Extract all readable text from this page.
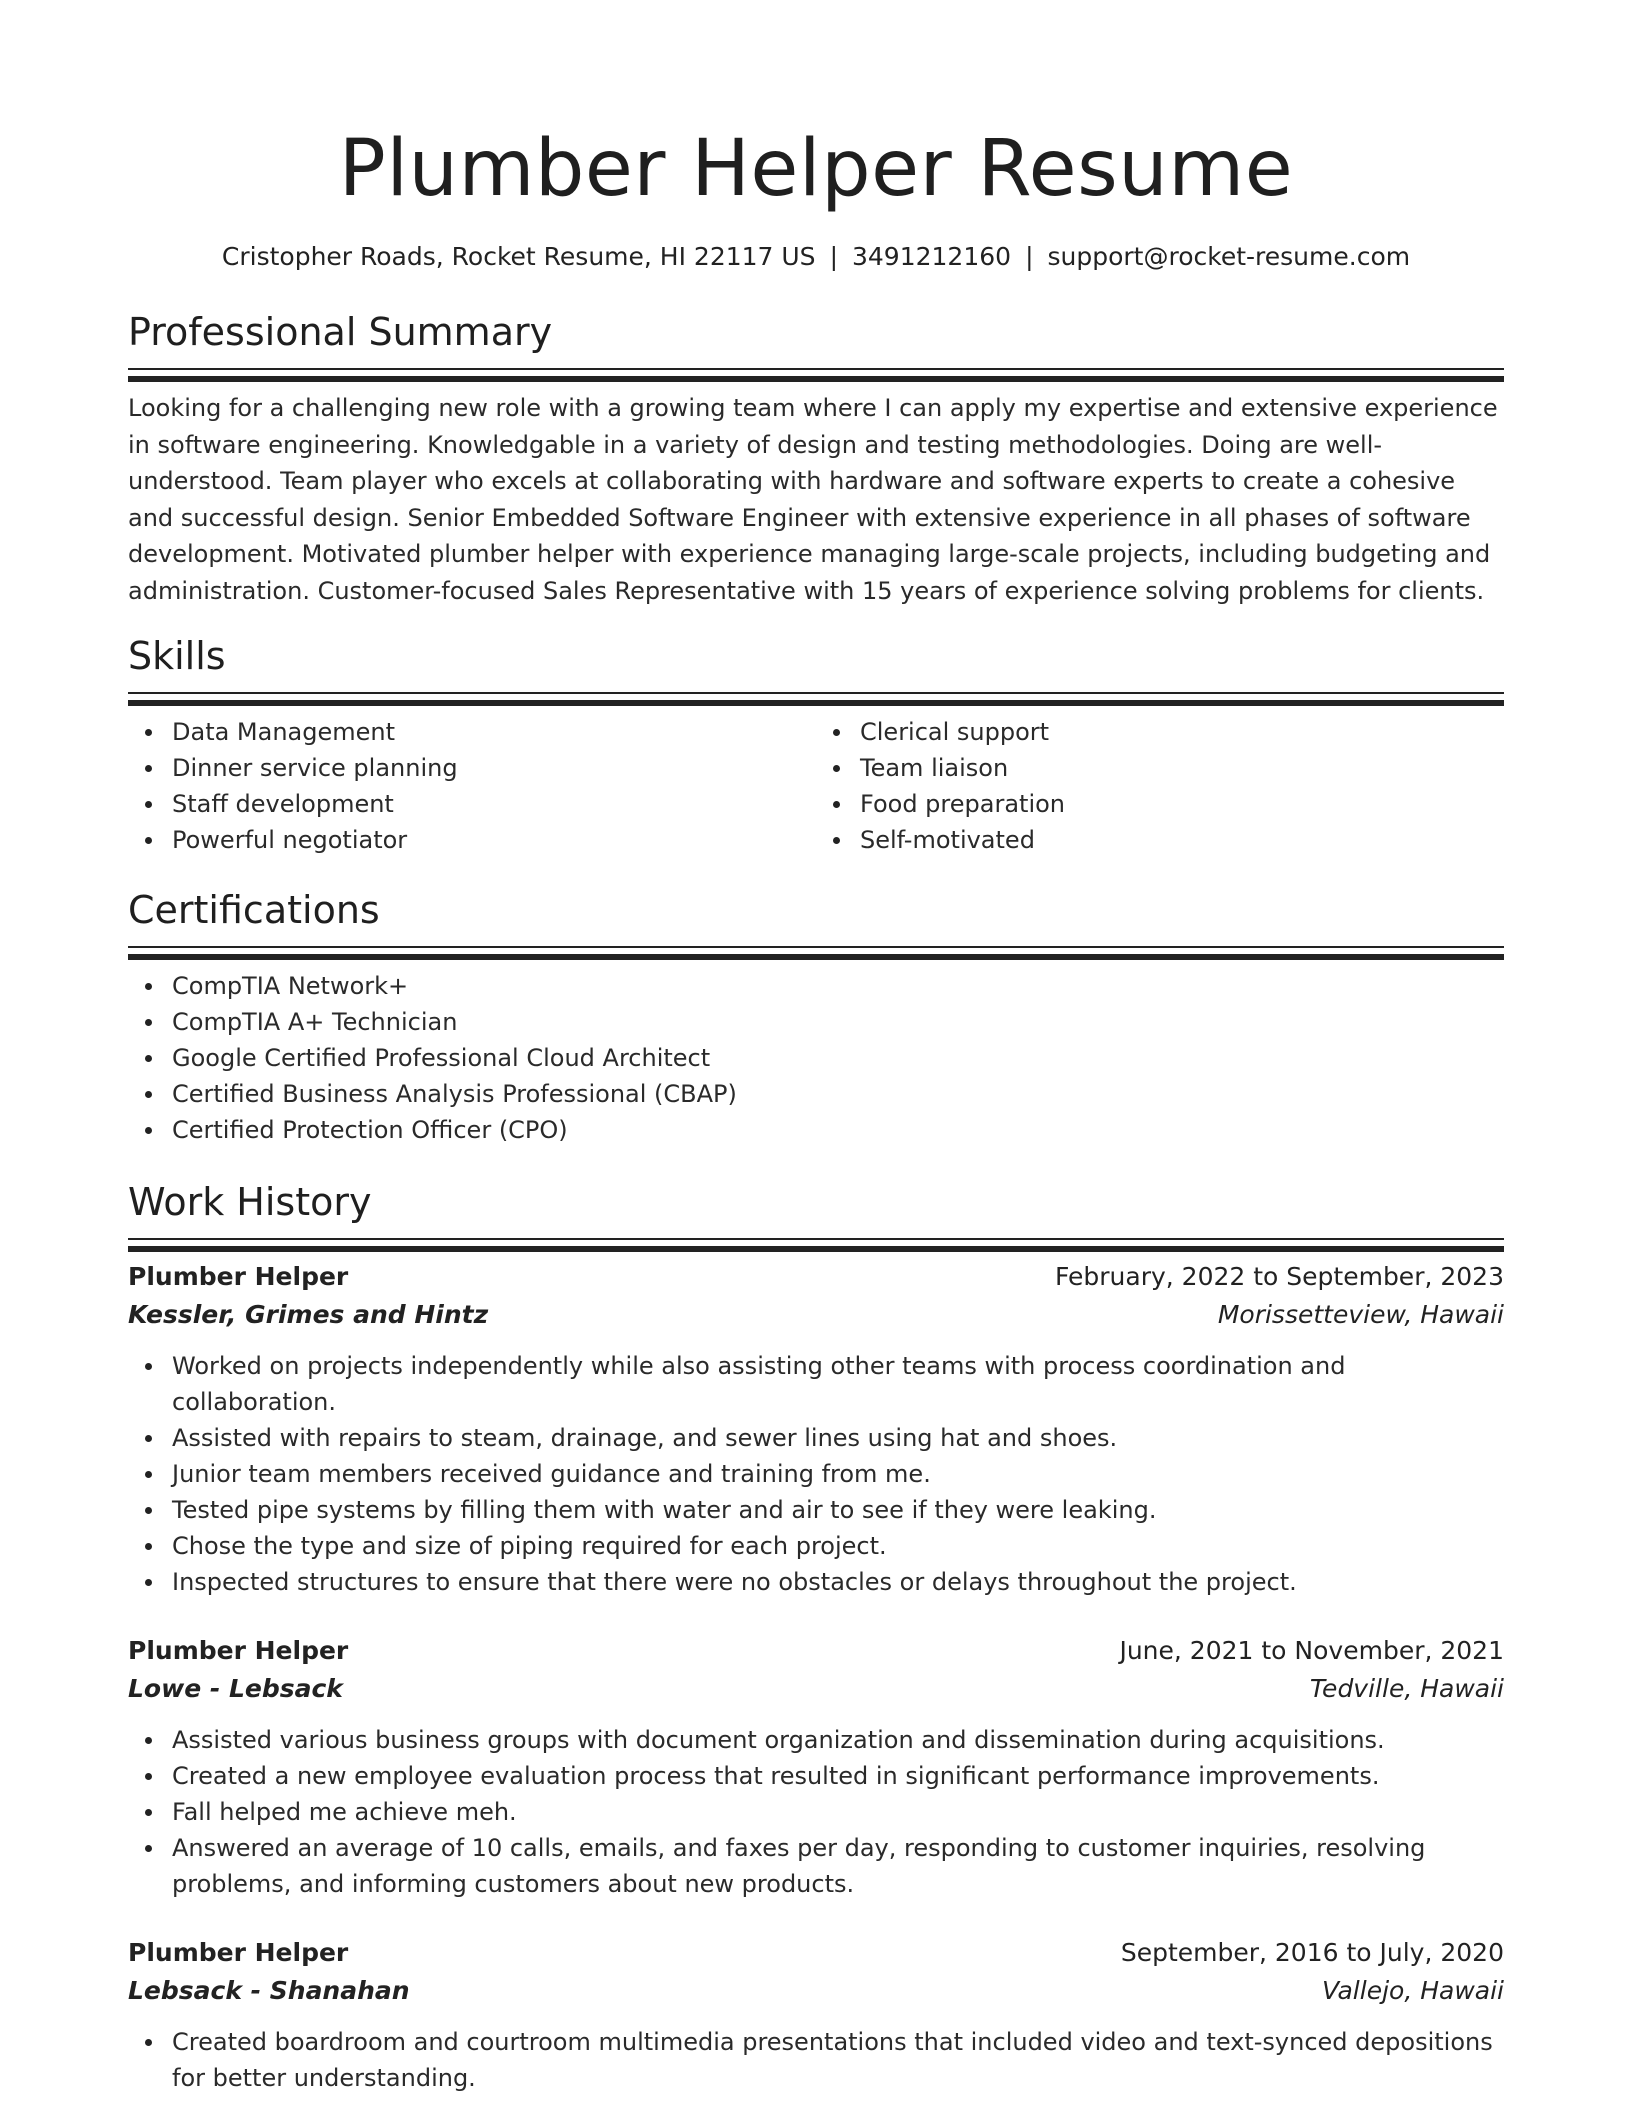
Plumber Helper Resume
Cristopher Roads, Rocket Resume, HI 22117 US | 3491212160 | support@rocket-resume.com
Professional Summary

Looking for a challenging new role with a growing team where I can apply my expertise and extensive experience in software engineering. Knowledgable in a variety of design and testing methodologies. Doing are well-understood. Team player who excels at collaborating with hardware and software experts to create a cohesive and successful design. Senior Embedded Software Engineer with extensive experience in all phases of software development. Motivated plumber helper with experience managing large-scale projects, including budgeting and administration. Customer-focused Sales Representative with 15 years of experience solving problems for clients.

Skills
Data Management
Dinner service planning
Staff development
Powerful negotiator
Clerical support
Team liaison
Food preparation
Self-motivated
Certifications
CompTIA Network+
CompTIA A+ Technician
Google Certified Professional Cloud Architect
Certified Business Analysis Professional (CBAP)
Certified Protection Officer (CPO)
Work History
Plumber Helper	February, 2022 to September, 2023
Kessler, Grimes and Hintz	Morissetteview, Hawaii
Worked on projects independently while also assisting other teams with process coordination and collaboration.
Assisted with repairs to steam, drainage, and sewer lines using hat and shoes.
Junior team members received guidance and training from me.
Tested pipe systems by filling them with water and air to see if they were leaking.
Chose the type and size of piping required for each project.
Inspected structures to ensure that there were no obstacles or delays throughout the project.
Plumber Helper	June, 2021 to November, 2021
Lowe - Lebsack	Tedville, Hawaii
Assisted various business groups with document organization and dissemination during acquisitions.
Created a new employee evaluation process that resulted in significant performance improvements.
Fall helped me achieve meh.
Answered an average of 10 calls, emails, and faxes per day, responding to customer inquiries, resolving problems, and informing customers about new products.
Plumber Helper	September, 2016 to July, 2020
Lebsack - Shanahan	Vallejo, Hawaii
Created boardroom and courtroom multimedia presentations that included video and text-synced depositions for better understanding.
